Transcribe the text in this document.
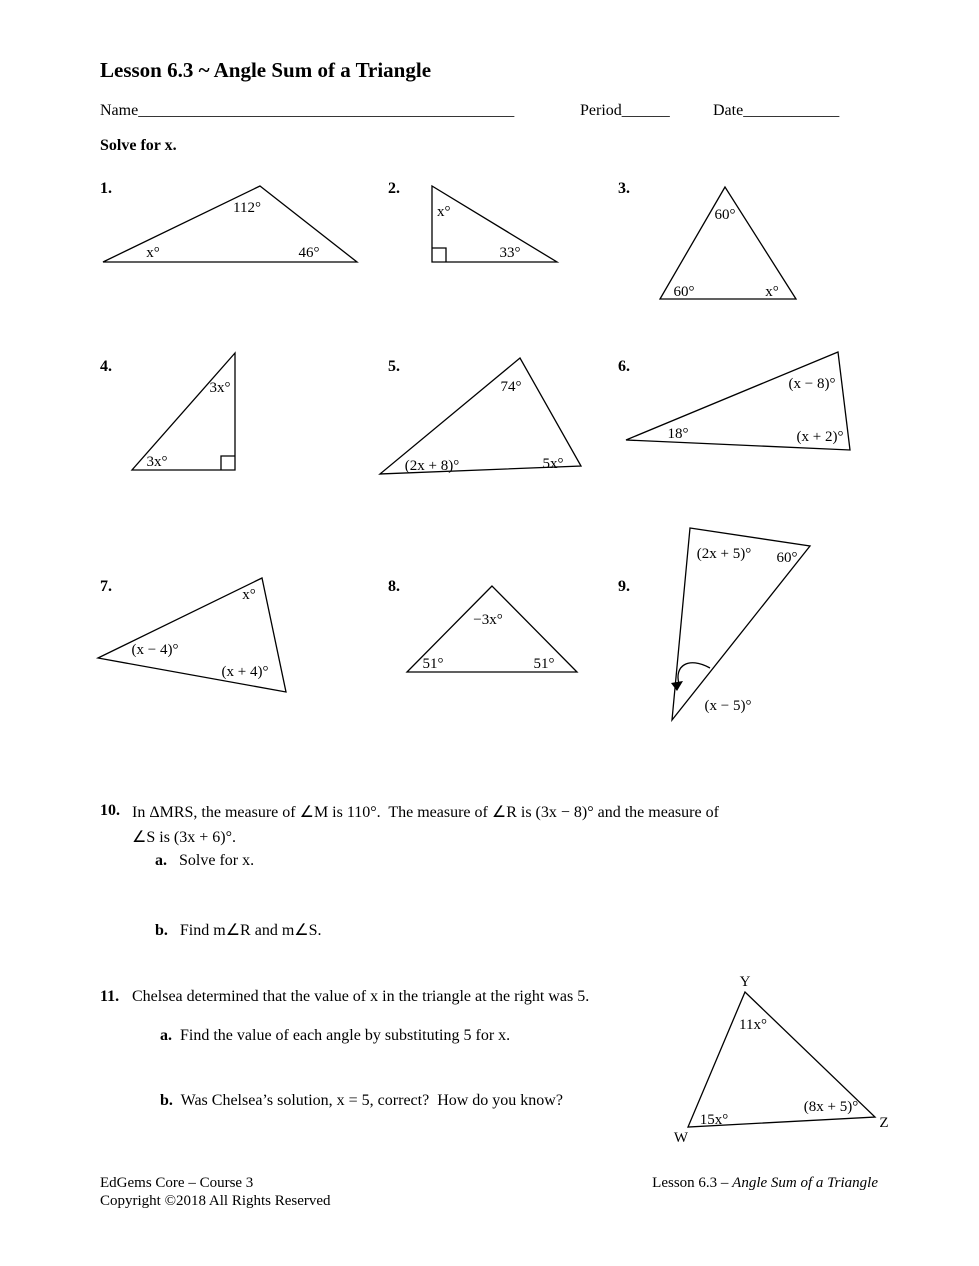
Lesson 6.3 ~ Angle Sum of a Triangle
Name_______________________________________________	Period______	Date____________
Solve for x.
1.
112°
x°	46°
2.
x°
33°
3.
60°
60°	x°
4.
3x°
3x°
5.
74°
(2x + 8)°	5x°
6.
(x − 8)°
18°	(x + 2)°
7.	x°
(x − 4)°
(x + 4)°
8.
−3x°
51°	51°
9.
(2x + 5)° 60°
(x − 5)°
10. In ΔMRS, the measure of ∠M is 110°.  The measure of ∠R is (3x − 8)° and the measure of
∠S is (3x + 6)°.
a. Solve for x.
b. Find m∠R and m∠S.
11. Chelsea determined that the value of x in the triangle at the right was 5.
a. Find the value of each angle by substituting 5 for x.
b. Was Chelsea’s solution, x = 5, correct?  How do you know?
Y
11x°
15x°
W
(8x + 5)°
Z
EdGems Core – Course 3
Copyright ©2018 All Rights Reserved
Lesson 6.3 – Angle Sum of a Triangle
